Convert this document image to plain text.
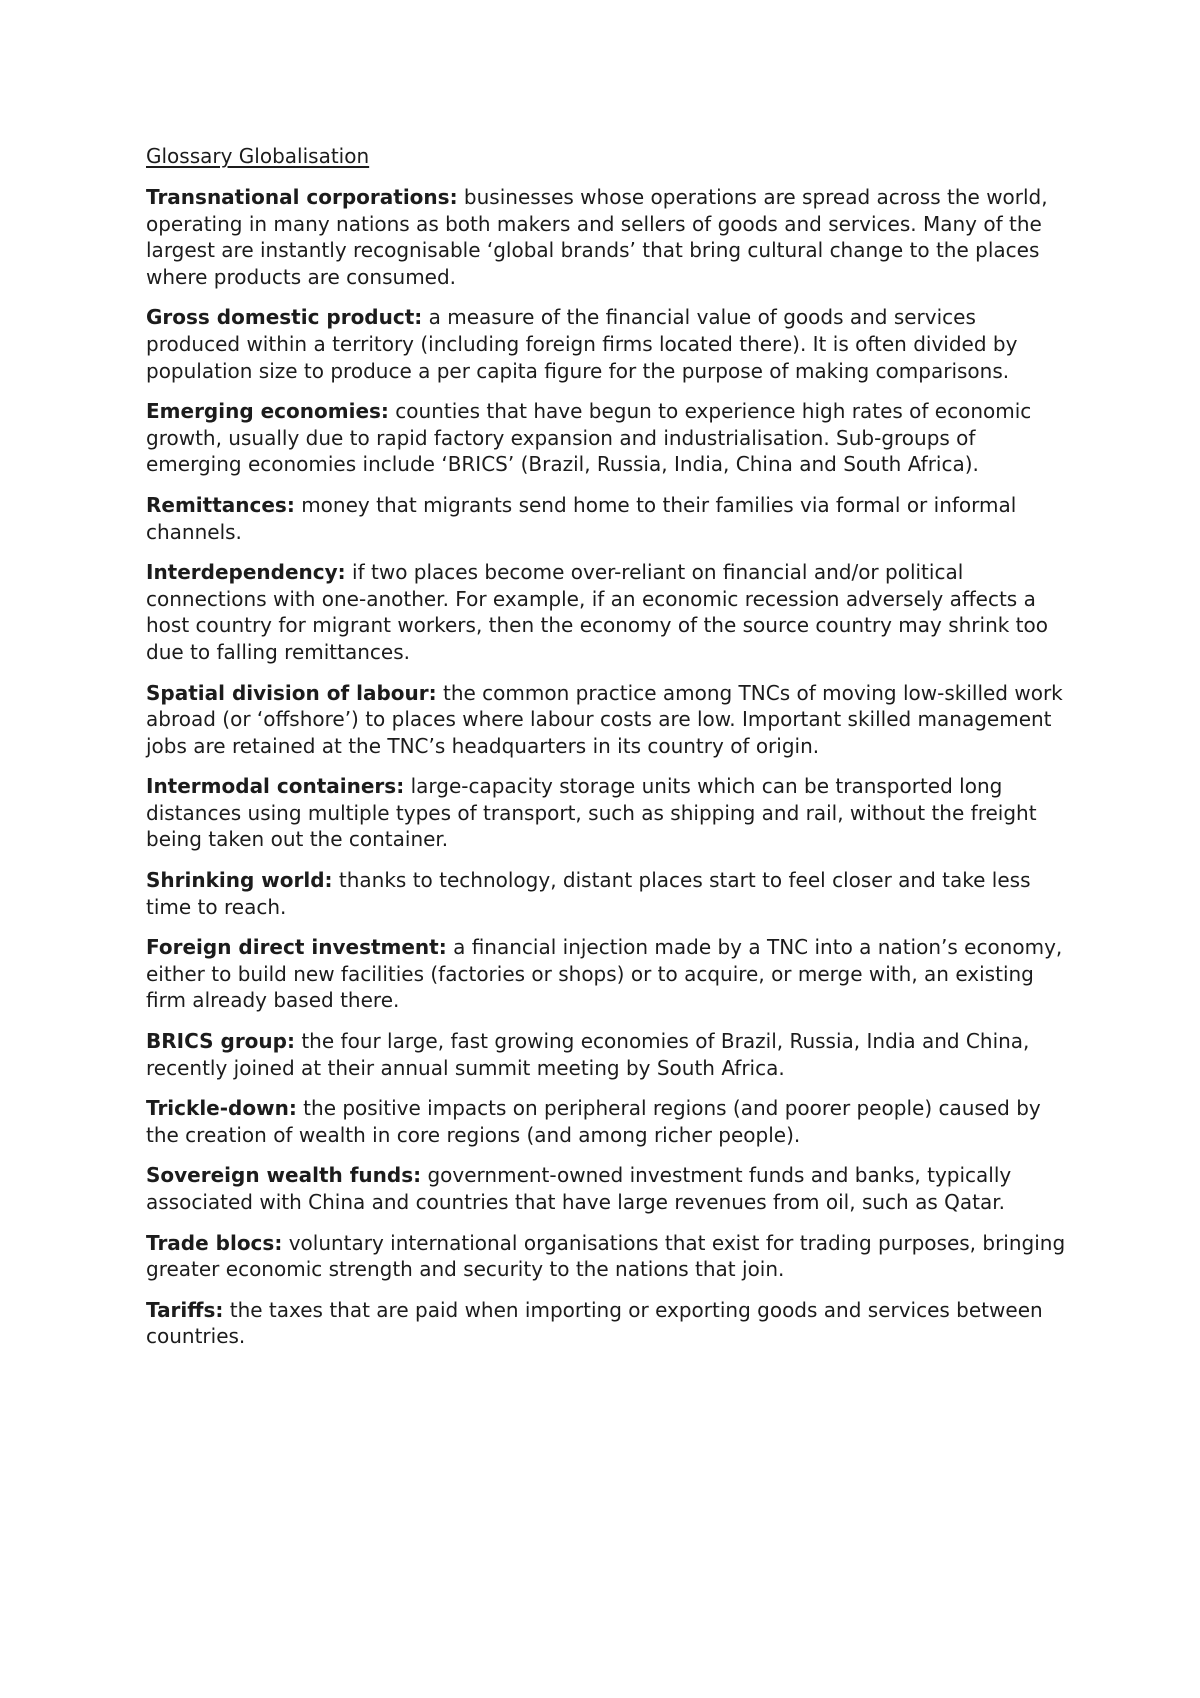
Glossary Globalisation

Transnational corporations: businesses whose operations are spread across the world, operating in many nations as both makers and sellers of goods and services. Many of the largest are instantly recognisable ‘global brands’ that bring cultural change to the places where products are consumed.

Gross domestic product: a measure of the financial value of goods and services produced within a territory (including foreign firms located there). It is often divided by population size to produce a per capita figure for the purpose of making comparisons.

Emerging economies: counties that have begun to experience high rates of economic growth, usually due to rapid factory expansion and industrialisation. Sub-groups of emerging economies include ‘BRICS’ (Brazil, Russia, India, China and South Africa).

Remittances: money that migrants send home to their families via formal or informal channels.

Interdependency: if two places become over-reliant on financial and/or political connections with one-another. For example, if an economic recession adversely affects a host country for migrant workers, then the economy of the source country may shrink too due to falling remittances.

Spatial division of labour: the common practice among TNCs of moving low-skilled work abroad (or ‘offshore’) to places where labour costs are low. Important skilled management jobs are retained at the TNC’s headquarters in its country of origin.

Intermodal containers: large-capacity storage units which can be transported long distances using multiple types of transport, such as shipping and rail, without the freight being taken out the container.

Shrinking world: thanks to technology, distant places start to feel closer and take less time to reach.

Foreign direct investment: a financial injection made by a TNC into a nation’s economy, either to build new facilities (factories or shops) or to acquire, or merge with, an existing firm already based there.

BRICS group: the four large, fast growing economies of Brazil, Russia, India and China, recently joined at their annual summit meeting by South Africa.

Trickle-down: the positive impacts on peripheral regions (and poorer people) caused by the creation of wealth in core regions (and among richer people).

Sovereign wealth funds: government-owned investment funds and banks, typically associated with China and countries that have large revenues from oil, such as Qatar.

Trade blocs: voluntary international organisations that exist for trading purposes, bringing greater economic strength and security to the nations that join.

Tariffs: the taxes that are paid when importing or exporting goods and services between countries.
